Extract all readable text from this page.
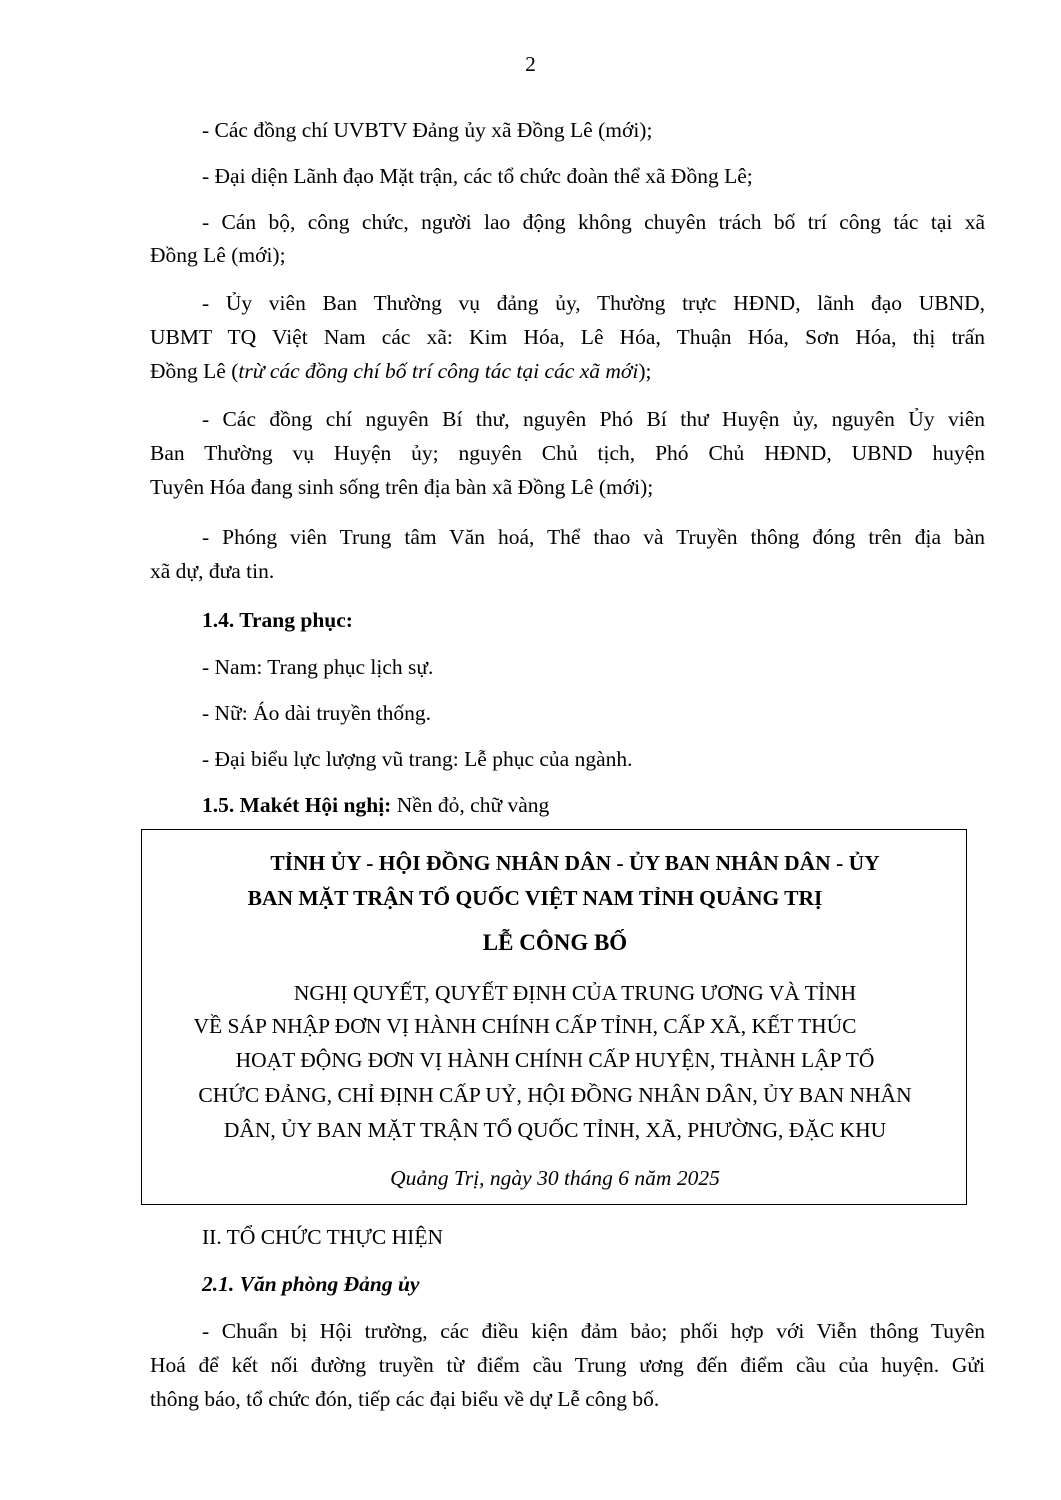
2
- Các đồng chí UVBTV Đảng ủy xã Đồng Lê (mới);
- Đại diện Lãnh đạo Mặt trận, các tổ chức đoàn thể xã Đồng Lê;
- Cán bộ, công chức, người lao động không chuyên trách bố trí công tác tại xã
Đồng Lê (mới);
- Ủy viên Ban Thường vụ đảng ủy, Thường trực HĐND, lãnh đạo UBND,
UBMT TQ Việt Nam các xã: Kim Hóa, Lê Hóa, Thuận Hóa, Sơn Hóa, thị trấn
Đồng Lê (trừ các đồng chí bố trí công tác tại các xã mới);
- Các đồng chí nguyên Bí thư, nguyên Phó Bí thư Huyện ủy, nguyên Ủy viên
Ban Thường vụ Huyện ủy; nguyên Chủ tịch, Phó Chủ HĐND, UBND huyện
Tuyên Hóa đang sinh sống trên địa bàn xã Đồng Lê (mới);
- Phóng viên Trung tâm Văn hoá, Thể thao và Truyền thông đóng trên địa bàn
xã dự, đưa tin.
1.4. Trang phục:
- Nam: Trang phục lịch sự.
- Nữ: Áo dài truyền thống.
- Đại biểu lực lượng vũ trang: Lễ phục của ngành.
1.5. Makét Hội nghị: Nền đỏ, chữ vàng
TỈNH ỦY - HỘI ĐỒNG NHÂN DÂN - ỦY BAN NHÂN DÂN - ỦY
BAN MẶT TRẬN TỔ QUỐC VIỆT NAM TỈNH QUẢNG TRỊ
LỄ CÔNG BỐ
NGHỊ QUYẾT, QUYẾT ĐỊNH CỦA TRUNG ƯƠNG VÀ TỈNH
VỀ SÁP NHẬP ĐƠN VỊ HÀNH CHÍNH CẤP TỈNH, CẤP XÃ, KẾT THÚC
HOẠT ĐỘNG ĐƠN VỊ HÀNH CHÍNH CẤP HUYỆN, THÀNH LẬP TỔ
CHỨC ĐẢNG, CHỈ ĐỊNH CẤP UỶ, HỘI ĐỒNG NHÂN DÂN, ỦY BAN NHÂN
DÂN, ỦY BAN MẶT TRẬN TỔ QUỐC TỈNH, XÃ, PHƯỜNG, ĐẶC KHU
Quảng Trị, ngày 30 tháng 6 năm 2025
II. TỔ CHỨC THỰC HIỆN
2.1. Văn phòng Đảng ủy
- Chuẩn bị Hội trường, các điều kiện đảm bảo; phối hợp với Viễn thông Tuyên
Hoá để kết nối đường truyền từ điểm cầu Trung ương đến điểm cầu của huyện. Gửi
thông báo, tổ chức đón, tiếp các đại biểu về dự Lễ công bố.
